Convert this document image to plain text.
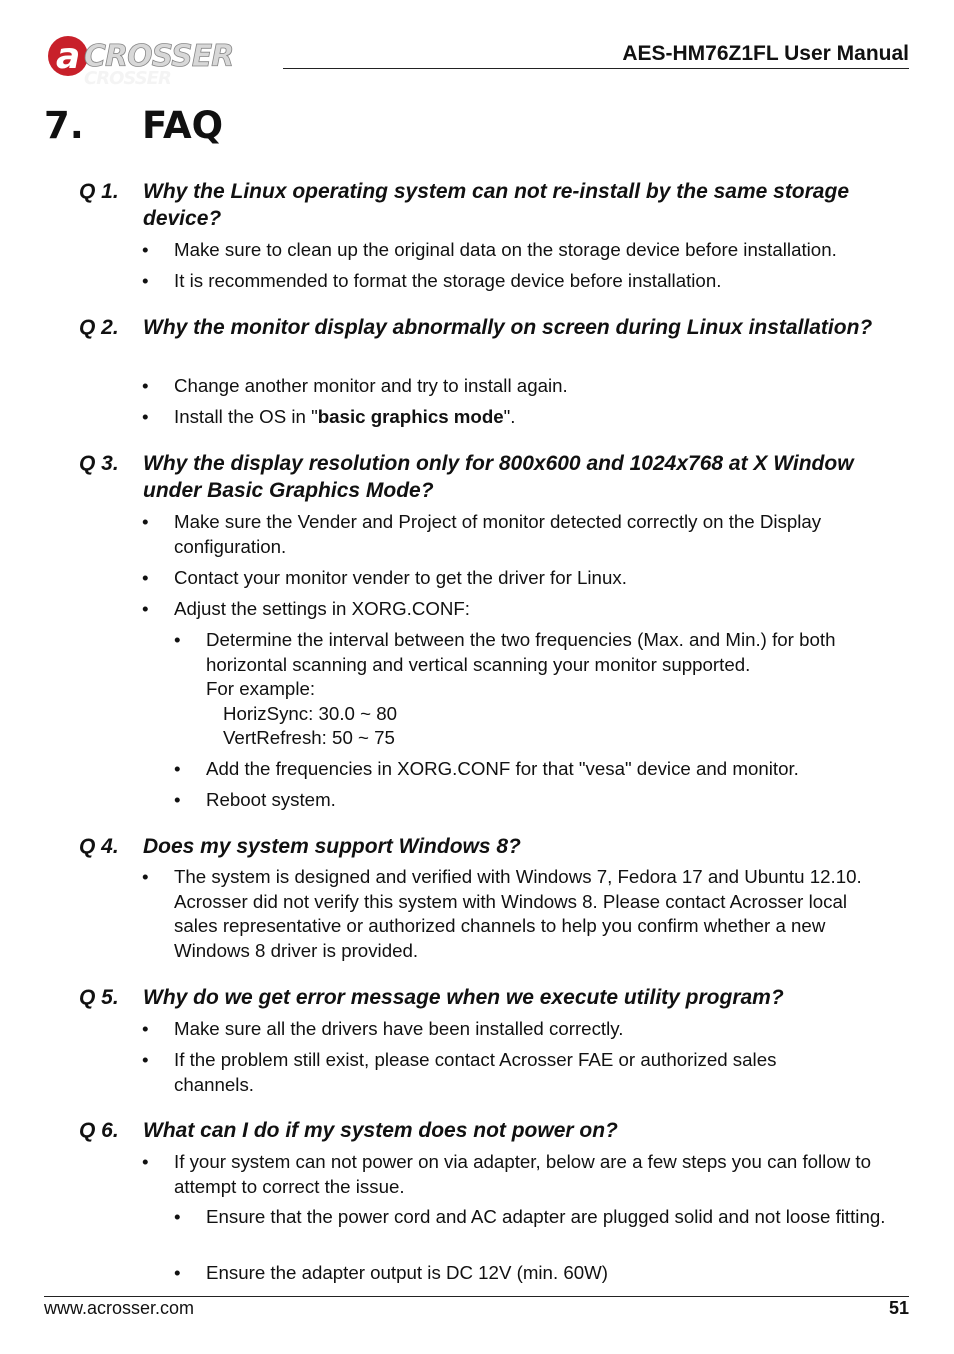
a CROSSER
CROSSER
AES-HM76Z1FL User Manual
7. FAQ
Q 1. Why the Linux operating system can not re-install by the same storage device?
• Make sure to clean up the original data on the storage device before installation.
• It is recommended to format the storage device before installation.
Q 2. Why the monitor display abnormally on screen during Linux installation?
• Change another monitor and try to install again.
• Install the OS in "basic graphics mode".
Q 3. Why the display resolution only for 800x600 and 1024x768 at X Window under Basic Graphics Mode?
• Make sure the Vender and Project of monitor detected correctly on the Display configuration.
• Contact your monitor vender to get the driver for Linux.
• Adjust the settings in XORG.CONF:
• Determine the interval between the two frequencies (Max. and Min.) for both horizontal scanning and vertical scanning your monitor supported.
For example:
HorizSync: 30.0 ~ 80
VertRefresh: 50 ~ 75
• Add the frequencies in XORG.CONF for that "vesa" device and monitor.
• Reboot system.
Q 4. Does my system support Windows 8?
• The system is designed and verified with Windows 7, Fedora 17 and Ubuntu 12.10. Acrosser did not verify this system with Windows 8. Please contact Acrosser local sales representative or authorized channels to help you confirm whether a new Windows 8 driver is provided.
Q 5. Why do we get error message when we execute utility program?
• Make sure all the drivers have been installed correctly.
• If the problem still exist, please contact Acrosser FAE or authorized sales channels.
Q 6. What can I do if my system does not power on?
• If your system can not power on via adapter, below are a few steps you can follow to attempt to correct the issue.
• Ensure that the power cord and AC adapter are plugged solid and not loose fitting.
• Ensure the adapter output is DC 12V (min. 60W)
www.acrosser.com	51
